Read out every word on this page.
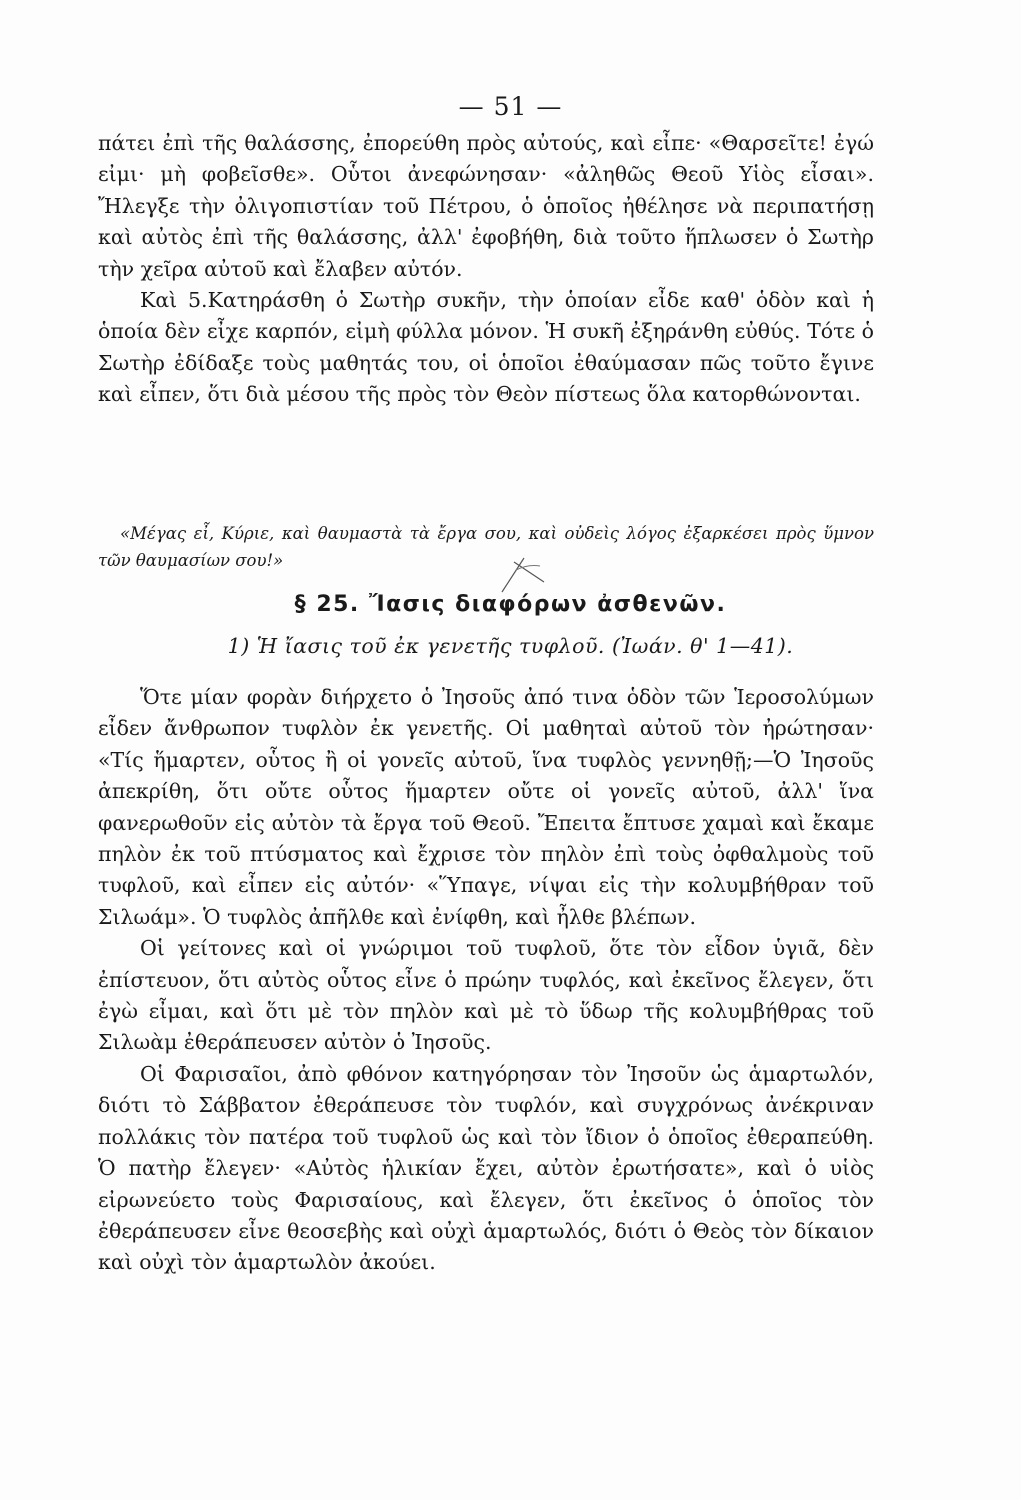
— 51 —

πάτει ἐπὶ τῆς θαλάσσης, ἐπορεύθη πρὸς αὐτούς, καὶ εἶπε· «Θαρσεῖτε! ἐγώ εἰμι· μὴ φοβεῖσθε». Οὗτοι ἀνεφώνησαν· «ἀληθῶς Θεοῦ Υἱὸς εἶσαι». Ἤλεγξε τὴν ὀλιγοπιστίαν τοῦ Πέτρου, ὁ ὁποῖος ἠθέλησε νὰ περιπατήσῃ καὶ αὐτὸς ἐπὶ τῆς θαλάσσης, ἀλλ' ἐφοβήθη, διὰ τοῦτο ἥπλωσεν ὁ Σωτὴρ τὴν χεῖρα αὐτοῦ καὶ ἔλαβεν αὐτόν.

Καὶ 5.Κατηράσθη ὁ Σωτὴρ συκῆν, τὴν ὁποίαν εἶδε καθ' ὁδὸν καὶ ἡ ὁποία δὲν εἶχε καρπόν, εἰμὴ φύλλα μόνον. Ἡ συκῆ ἐξηράνθη εὐθύς. Τότε ὁ Σωτὴρ ἐδίδαξε τοὺς μαθητάς του, οἱ ὁποῖοι ἐθαύμασαν πῶς τοῦτο ἔγινε καὶ εἶπεν, ὅτι διὰ μέσου τῆς πρὸς τὸν Θεὸν πίστεως ὅλα κατορθώνονται.

«Μέγας εἶ, Κύριε, καὶ θαυμαστὰ τὰ ἔργα σου, καὶ οὐδεὶς λόγος ἐξαρκέσει πρὸς ὕμνον τῶν θαυμασίων σου!»
§ 25. Ἴασις διαφόρων ἀσθενῶν.
1) Ἡ ἴασις τοῦ ἐκ γενετῆς τυφλοῦ. (Ἰωάν. θ' 1—41).

Ὅτε μίαν φορὰν διήρχετο ὁ Ἰησοῦς ἀπό τινα ὁδὸν τῶν Ἱεροσολύμων εἶδεν ἄνθρωπον τυφλὸν ἐκ γενετῆς. Οἱ μαθηταὶ αὐτοῦ τὸν ἠρώτησαν· «Τίς ἥμαρτεν, οὗτος ἢ οἱ γονεῖς αὐτοῦ, ἵνα τυφλὸς γεννηθῇ;—Ὁ Ἰησοῦς ἀπεκρίθη, ὅτι οὔτε οὗτος ἥμαρτεν οὔτε οἱ γονεῖς αὐτοῦ, ἀλλ' ἵνα φανερωθοῦν εἰς αὐτὸν τὰ ἔργα τοῦ Θεοῦ. Ἔπειτα ἔπτυσε χαμαὶ καὶ ἔκαμε πηλὸν ἐκ τοῦ πτύσματος καὶ ἔχρισε τὸν πηλὸν ἐπὶ τοὺς ὀφθαλμοὺς τοῦ τυφλοῦ, καὶ εἶπεν εἰς αὐτόν· «Ὕπαγε, νίψαι εἰς τὴν κολυμβήθραν τοῦ Σιλωάμ». Ὁ τυφλὸς ἀπῆλθε καὶ ἐνίφθη, καὶ ἦλθε βλέπων.

Οἱ γείτονες καὶ οἱ γνώριμοι τοῦ τυφλοῦ, ὅτε τὸν εἶδον ὑγιᾶ, δὲν ἐπίστευον, ὅτι αὐτὸς οὗτος εἶνε ὁ πρώην τυφλός, καὶ ἐκεῖνος ἔλεγεν, ὅτι ἐγὼ εἶμαι, καὶ ὅτι μὲ τὸν πηλὸν καὶ μὲ τὸ ὕδωρ τῆς κολυμβήθρας τοῦ Σιλωὰμ ἐθεράπευσεν αὐτὸν ὁ Ἰησοῦς.

Οἱ Φαρισαῖοι, ἀπὸ φθόνον κατηγόρησαν τὸν Ἰησοῦν ὡς ἁμαρτωλόν, διότι τὸ Σάββατον ἐθεράπευσε τὸν τυφλόν, καὶ συγχρόνως ἀνέκριναν πολλάκις τὸν πατέρα τοῦ τυφλοῦ ὡς καὶ τὸν ἴδιον ὁ ὁποῖος ἐθεραπεύθη. Ὁ πατὴρ ἔλεγεν· «Αὐτὸς ἡλικίαν ἔχει, αὐτὸν ἐρωτήσατε», καὶ ὁ υἱὸς εἰρωνεύετο τοὺς Φαρισαίους, καὶ ἔλεγεν, ὅτι ἐκεῖνος ὁ ὁποῖος τὸν ἐθεράπευσεν εἶνε θεοσεβὴς καὶ οὐχὶ ἁμαρτωλός, διότι ὁ Θεὸς τὸν δίκαιον καὶ οὐχὶ τὸν ἁμαρτωλὸν ἀκούει.
